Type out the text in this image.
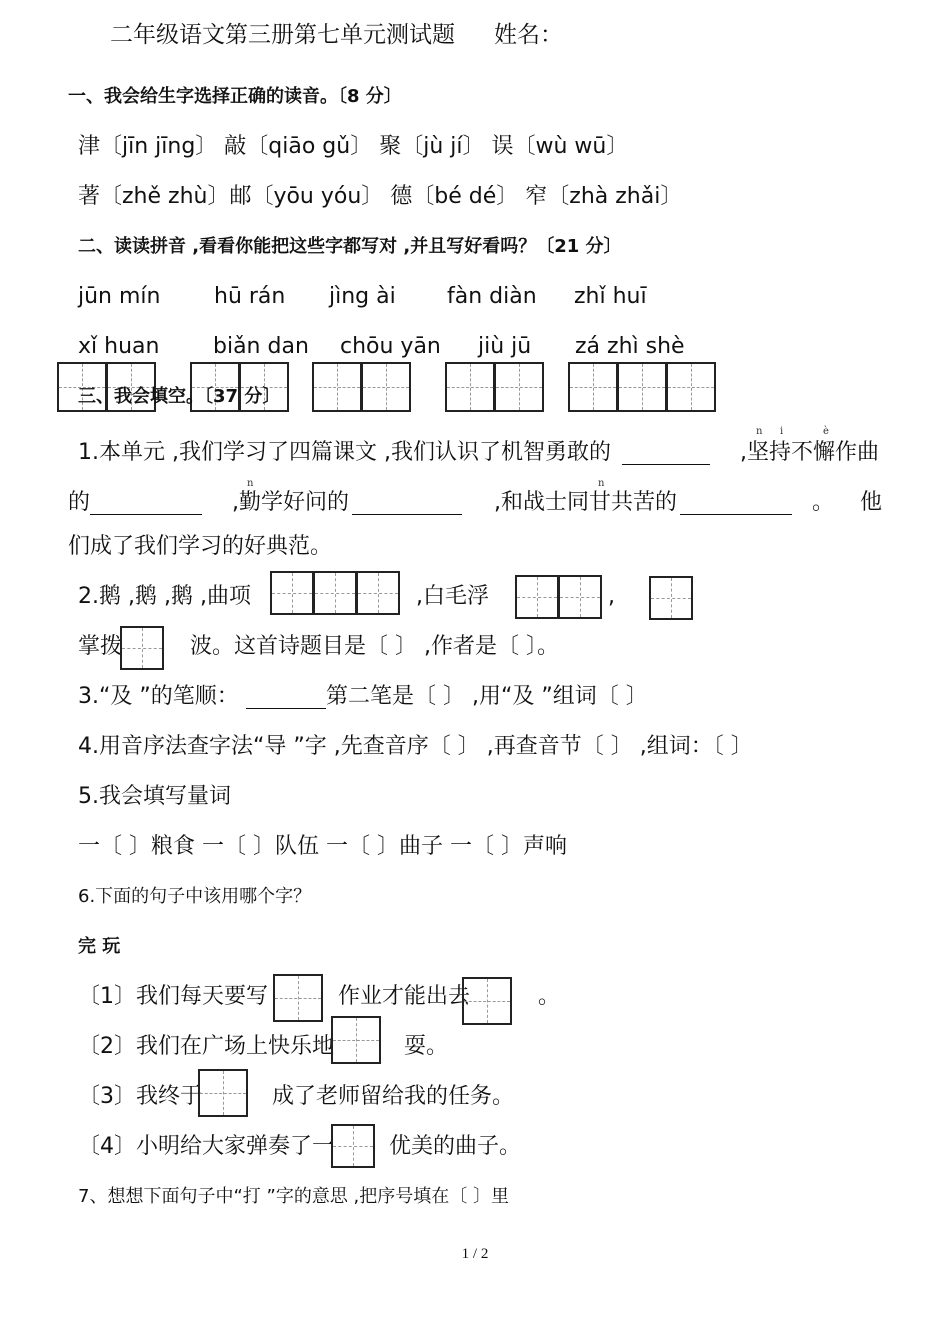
二年级语文第三册第七单元测试题 姓名：
一、我会给生字选择正确的读音。〔8 分〕
津〔jīn jīng〕 敲〔qiāo gǔ〕 聚〔jù jí〕 误〔wù wū〕
著〔zhě zhù〕邮〔yōu yóu〕 德〔bé dé〕 窄〔zhà zhǎi〕
二、读读拼音 ,看看你能把这些字都写对 ,并且写好看吗？〔21 分〕
jūn mín hū rán jìng ài fàn diàn zhǐ huī
xǐ huan biǎn dan chōu yān jiù jū zá zhì shè
三、我会填空。〔37 分〕
n i	è
1.本单元 ,我们学习了四篇课文 ,我们认识了机智勇敢的	,坚持不懈作曲
n	n
的	,勤学好问的	,和战士同甘共苦的	。 他
们成了我们学习的好典范。
2.鹅 ,鹅 ,鹅 ,曲项	,白毛浮	,
掌拨	波。这首诗题目是〔 〕 ,作者是〔 〕。
3.“及 ”的笔顺：	第二笔是〔 〕 ,用“及 ”组词〔 〕
4.用音序法查字法“导 ”字 ,先查音序〔 〕 ,再查音节〔 〕 ,组词：〔 〕
5.我会填写量词
一〔 〕粮食 一〔 〕队伍 一〔 〕曲子 一〔 〕声响
6.下面的句子中该用哪个字？
完 玩
〔1〕我们每天要写	作业才能出去	。
〔2〕我们在广场上快乐地	耍。
〔3〕我终于	成了老师留给我的任务。
〔4〕小明给大家弹奏了一	优美的曲子。
7、想想下面句子中“打 ”字的意思 ,把序号填在〔 〕里
1 / 2
